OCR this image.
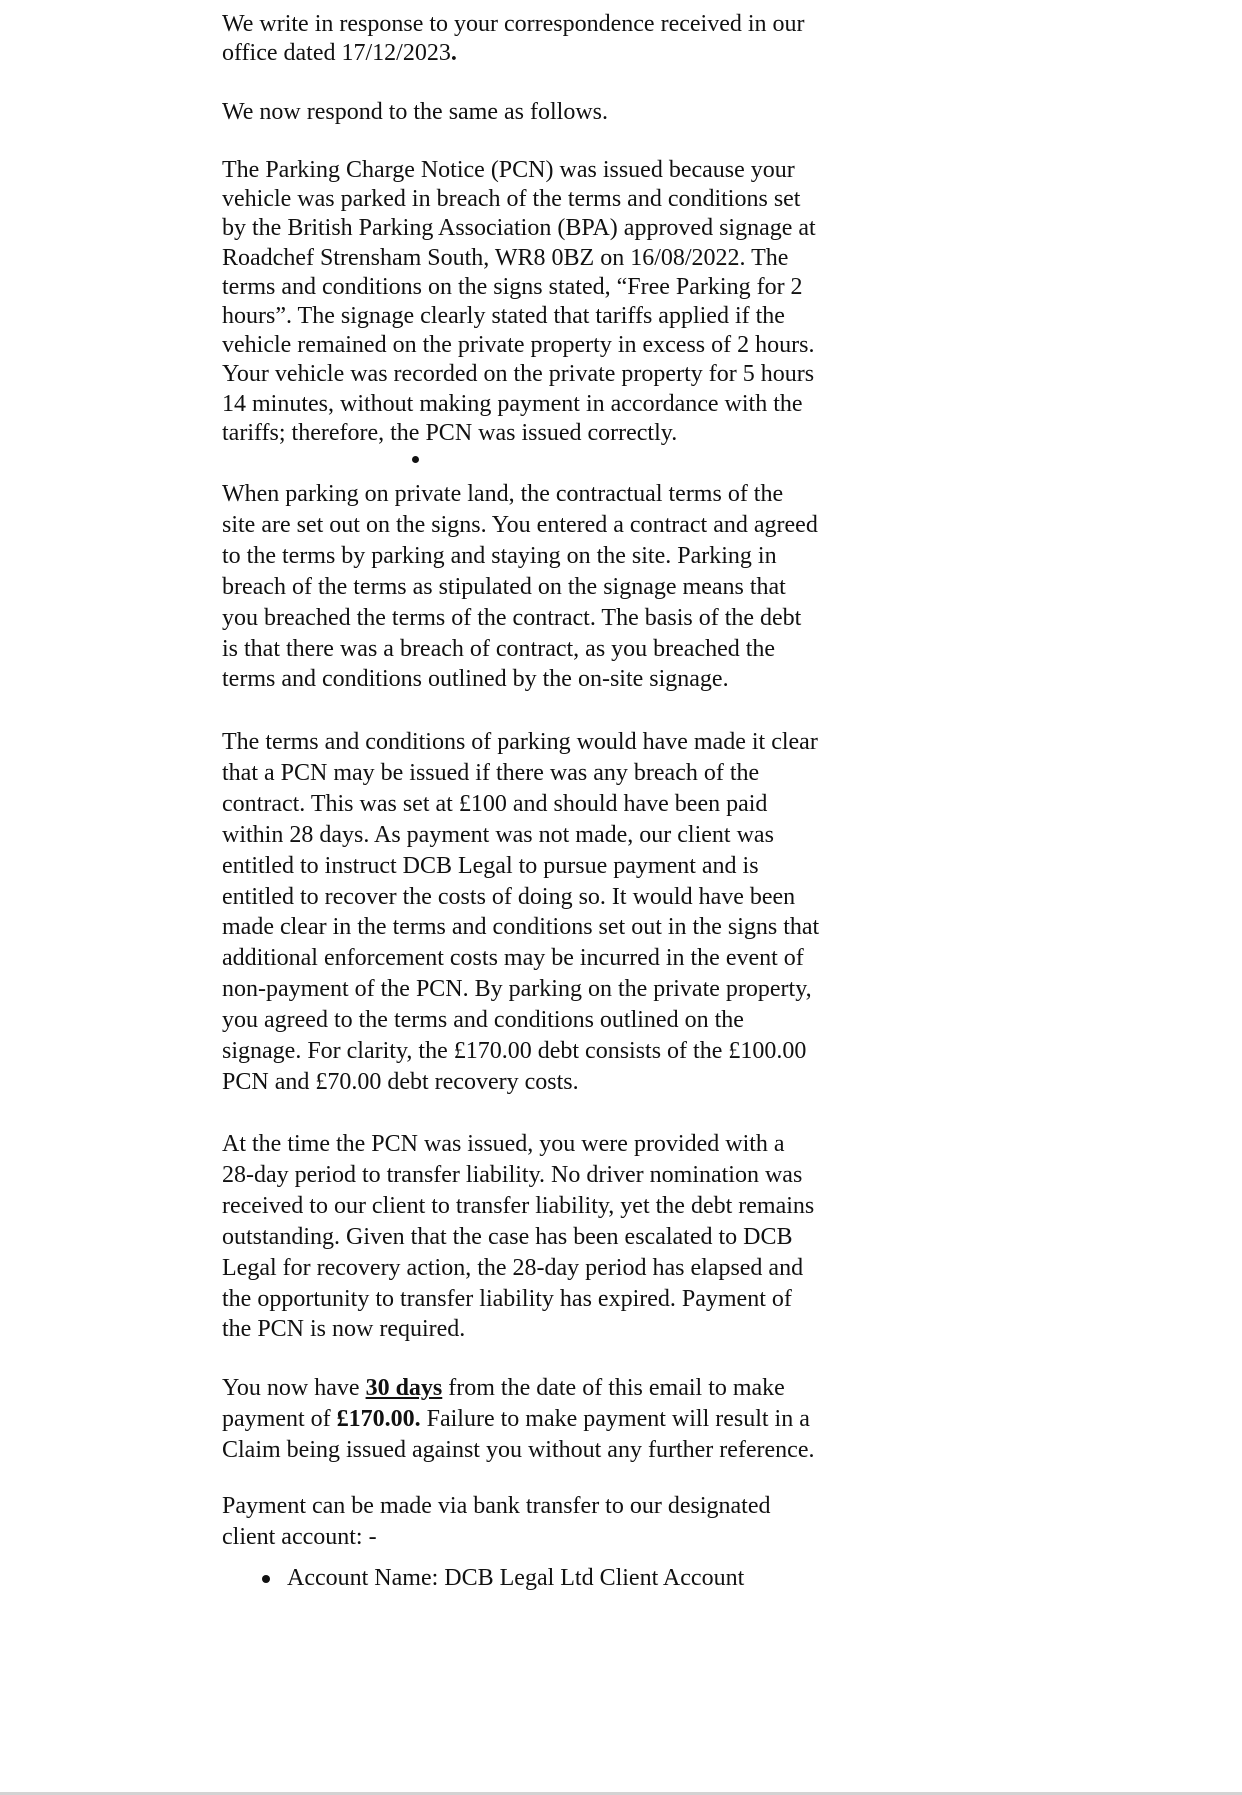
We write in response to your correspondence received in our office dated 17/12/2023.

We now respond to the same as follows.

The Parking Charge Notice (PCN) was issued because your vehicle was parked in breach of the terms and conditions set by the British Parking Association (BPA) approved signage at Roadchef Strensham South, WR8 0BZ on 16/08/2022. The terms and conditions on the signs stated, “Free Parking for 2 hours”. The signage clearly stated that tariffs applied if the vehicle remained on the private property in excess of 2 hours. Your vehicle was recorded on the private property for 5 hours 14 minutes, without making payment in accordance with the tariffs; therefore, the PCN was issued correctly.

When parking on private land, the contractual terms of the site are set out on the signs. You entered a contract and agreed to the terms by parking and staying on the site. Parking in breach of the terms as stipulated on the signage means that you breached the terms of the contract. The basis of the debt is that there was a breach of contract, as you breached the terms and conditions outlined by the on-site signage.

The terms and conditions of parking would have made it clear that a PCN may be issued if there was any breach of the contract. This was set at £100 and should have been paid within 28 days. As payment was not made, our client was entitled to instruct DCB Legal to pursue payment and is entitled to recover the costs of doing so. It would have been made clear in the terms and conditions set out in the signs that additional enforcement costs may be incurred in the event of non-payment of the PCN. By parking on the private property, you agreed to the terms and conditions outlined on the signage. For clarity, the £170.00 debt consists of the £100.00 PCN and £70.00 debt recovery costs.

At the time the PCN was issued, you were provided with a 28-day period to transfer liability. No driver nomination was received to our client to transfer liability, yet the debt remains outstanding. Given that the case has been escalated to DCB Legal for recovery action, the 28-day period has elapsed and the opportunity to transfer liability has expired. Payment of the PCN is now required.

You now have 30 days from the date of this email to make payment of £170.00. Failure to make payment will result in a Claim being issued against you without any further reference.

Payment can be made via bank transfer to our designated client account: -

Account Name: DCB Legal Ltd Client Account
